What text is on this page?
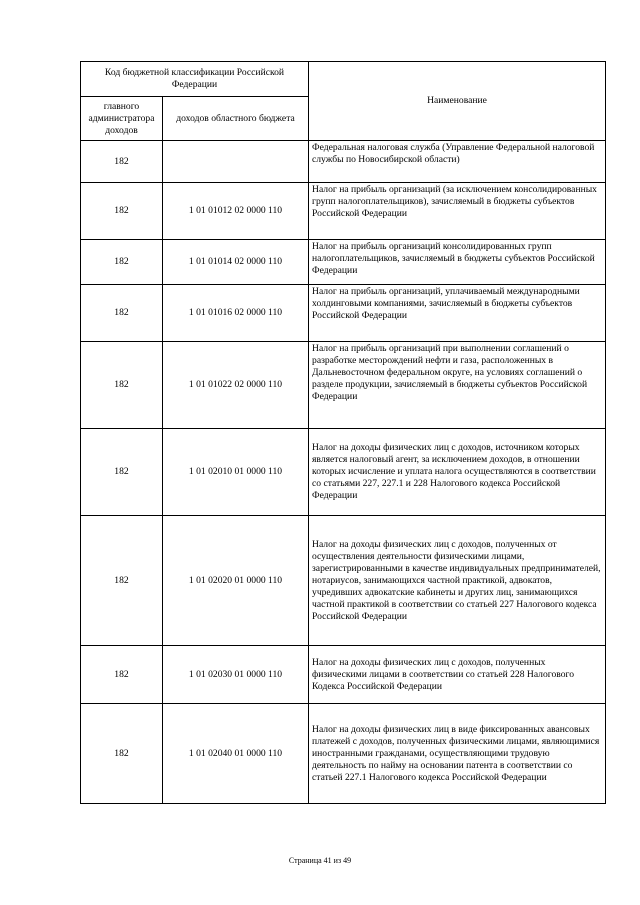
Код бюджетной классификации Российской Федерации		Наименование
главного администратора доходов	доходов областного бюджета	
182		Федеральная налоговая служба (Управление Федеральной налоговой службы по Новосибирской области)
182	1 01 01012 02 0000 110	Налог на прибыль организаций (за исключением консолидированных групп налогоплательщиков), зачисляемый в бюджеты субъектов Российской Федерации
182	1 01 01014 02 0000 110	Налог на прибыль организаций консолидированных групп налогоплательщиков, зачисляемый в бюджеты субъектов Российской Федерации
182	1 01 01016 02 0000 110	Налог на прибыль организаций, уплачиваемый международными холдинговыми компаниями, зачисляемый в бюджеты субъектов Российской Федерации
182	1 01 01022 02 0000 110	Налог на прибыль организаций при выполнении соглашений о разработке месторождений нефти и газа, расположенных в Дальневосточном федеральном округе, на условиях соглашений о разделе продукции, зачисляемый в бюджеты субъектов Российской Федерации
182	1 01 02010 01 0000 110	Налог на доходы физических лиц с доходов, источником которых является налоговый агент, за исключением доходов, в отношении которых исчисление и уплата налога осуществляются в соответствии со статьями 227, 227.1 и 228 Налогового кодекса Российской Федерации
182	1 01 02020 01 0000 110	Налог на доходы физических лиц с доходов, полученных от осуществления деятельности физическими лицами, зарегистрированными в качестве индивидуальных предпринимателей, нотариусов, занимающихся частной практикой, адвокатов, учредивших адвокатские кабинеты и других лиц, занимающихся частной практикой в соответствии со статьей 227 Налогового кодекса Российской Федерации
182	1 01 02030 01 0000 110	Налог на доходы физических лиц с доходов, полученных физическими лицами в соответствии со статьей 228 Налогового Кодекса Российской Федерации
182	1 01 02040 01 0000 110	Налог на доходы физических лиц в виде фиксированных авансовых платежей с доходов, полученных физическими лицами, являющимися иностранными гражданами, осуществляющими трудовую деятельность по найму на основании патента в соответствии со статьей 227.1 Налогового кодекса Российской Федерации
Страница 41 из 49
